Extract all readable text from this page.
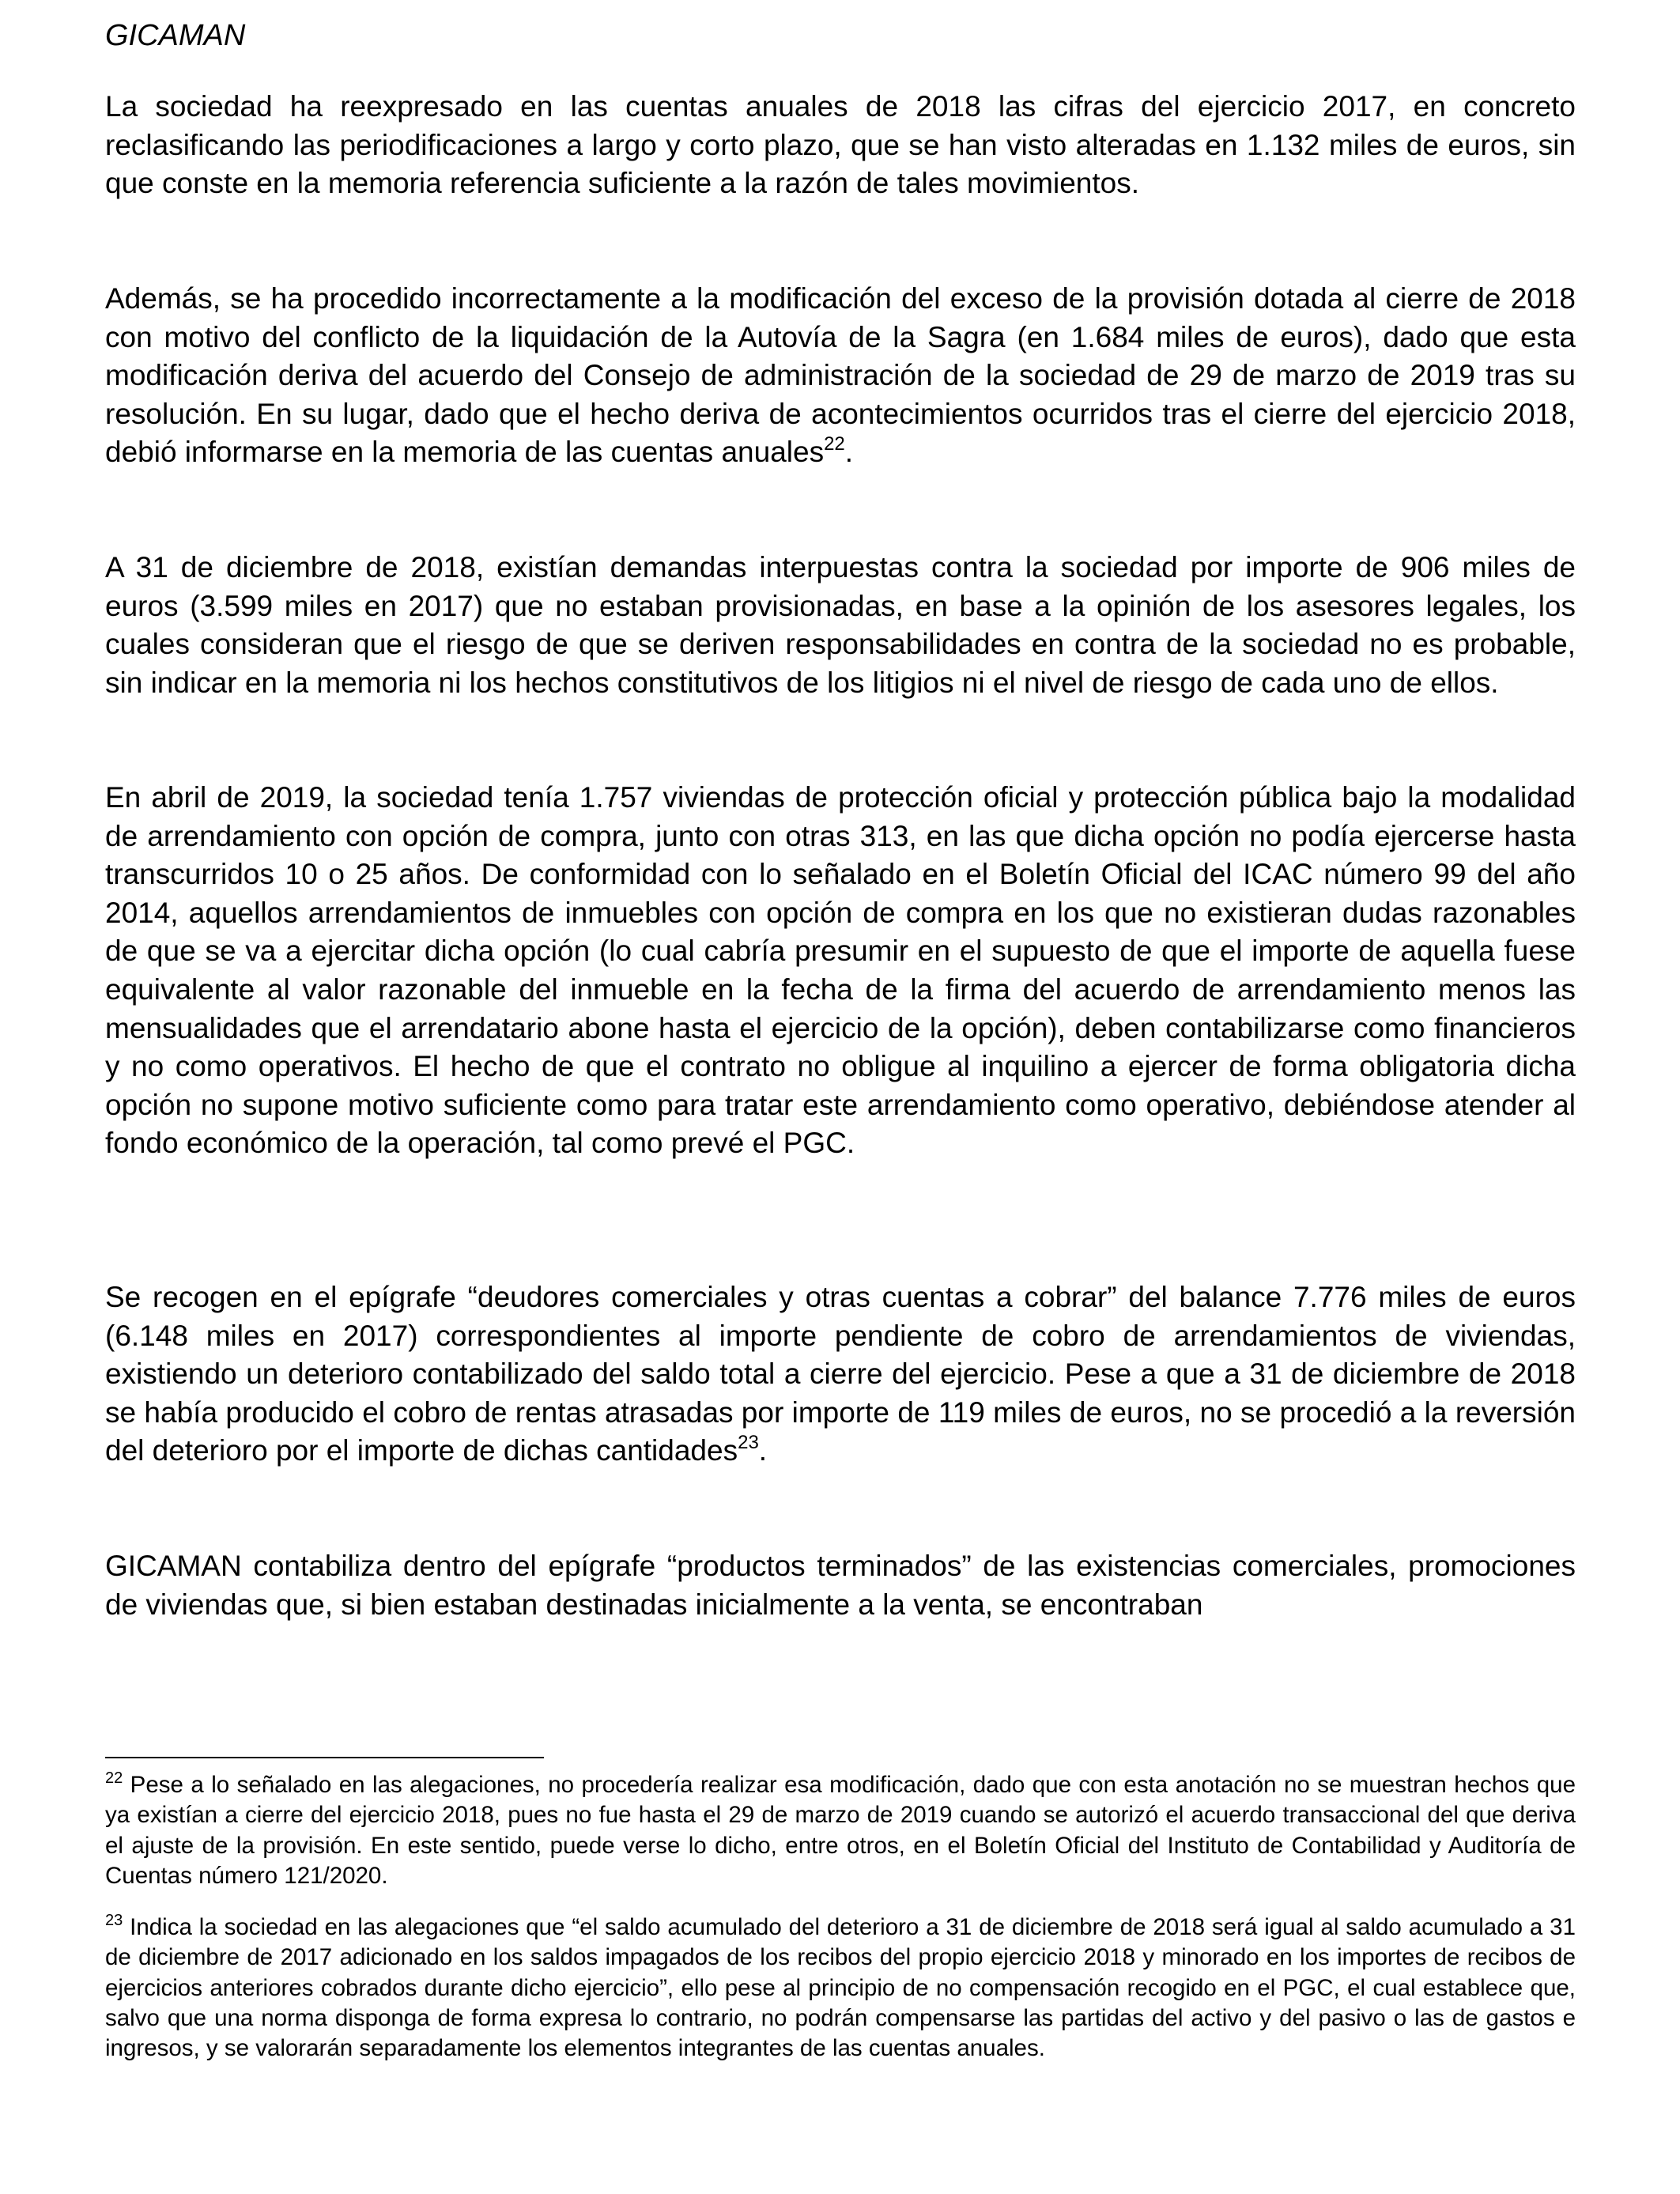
GICAMAN

La sociedad ha reexpresado en las cuentas anuales de 2018 las cifras del ejercicio 2017, en concreto reclasificando las periodificaciones a largo y corto plazo, que se han visto alteradas en 1.132 miles de euros, sin que conste en la memoria referencia suficiente a la razón de tales movimientos.

Además, se ha procedido incorrectamente a la modificación del exceso de la provisión dotada al cierre de 2018 con motivo del conflicto de la liquidación de la Autovía de la Sagra (en 1.684 miles de euros), dado que esta modificación deriva del acuerdo del Consejo de administración de la sociedad de 29 de marzo de 2019 tras su resolución. En su lugar, dado que el hecho deriva de acontecimientos ocurridos tras el cierre del ejercicio 2018, debió informarse en la memoria de las cuentas anuales$^{22}$.

A 31 de diciembre de 2018, existían demandas interpuestas contra la sociedad por importe de 906 miles de euros (3.599 miles en 2017) que no estaban provisionadas, en base a la opinión de los asesores legales, los cuales consideran que el riesgo de que se deriven responsabilidades en contra de la sociedad no es probable, sin indicar en la memoria ni los hechos constitutivos de los litigios ni el nivel de riesgo de cada uno de ellos.

En abril de 2019, la sociedad tenía 1.757 viviendas de protección oficial y protección pública bajo la modalidad de arrendamiento con opción de compra, junto con otras 313, en las que dicha opción no podía ejercerse hasta transcurridos 10 o 25 años. De conformidad con lo señalado en el Boletín Oficial del ICAC número 99 del año 2014, aquellos arrendamientos de inmuebles con opción de compra en los que no existieran dudas razonables de que se va a ejercitar dicha opción (lo cual cabría presumir en el supuesto de que el importe de aquella fuese equivalente al valor razonable del inmueble en la fecha de la firma del acuerdo de arrendamiento menos las mensualidades que el arrendatario abone hasta el ejercicio de la opción), deben contabilizarse como financieros y no como operativos. El hecho de que el contrato no obligue al inquilino a ejercer de forma obligatoria dicha opción no supone motivo suficiente como para tratar este arrendamiento como operativo, debiéndose atender al fondo económico de la operación, tal como prevé el PGC.

Se recogen en el epígrafe “deudores comerciales y otras cuentas a cobrar” del balance 7.776 miles de euros (6.148 miles en 2017) correspondientes al importe pendiente de cobro de arrendamientos de viviendas, existiendo un deterioro contabilizado del saldo total a cierre del ejercicio. Pese a que a 31 de diciembre de 2018 se había producido el cobro de rentas atrasadas por importe de 119 miles de euros, no se procedió a la reversión del deterioro por el importe de dichas cantidades$^{23}$.

GICAMAN contabiliza dentro del epígrafe “productos terminados” de las existencias comerciales, promociones de viviendas que, si bien estaban destinadas inicialmente a la venta, se encontraban

$^{22}$ Pese a lo señalado en las alegaciones, no procedería realizar esa modificación, dado que con esta anotación no se muestran hechos que ya existían a cierre del ejercicio 2018, pues no fue hasta el 29 de marzo de 2019 cuando se autorizó el acuerdo transaccional del que deriva el ajuste de la provisión. En este sentido, puede verse lo dicho, entre otros, en el Boletín Oficial del Instituto de Contabilidad y Auditoría de Cuentas número 121/2020.

$^{23}$ Indica la sociedad en las alegaciones que “el saldo acumulado del deterioro a 31 de diciembre de 2018 será igual al saldo acumulado a 31 de diciembre de 2017 adicionado en los saldos impagados de los recibos del propio ejercicio 2018 y minorado en los importes de recibos de ejercicios anteriores cobrados durante dicho ejercicio”, ello pese al principio de no compensación recogido en el PGC, el cual establece que, salvo que una norma disponga de forma expresa lo contrario, no podrán compensarse las partidas del activo y del pasivo o las de gastos e ingresos, y se valorarán separadamente los elementos integrantes de las cuentas anuales.
